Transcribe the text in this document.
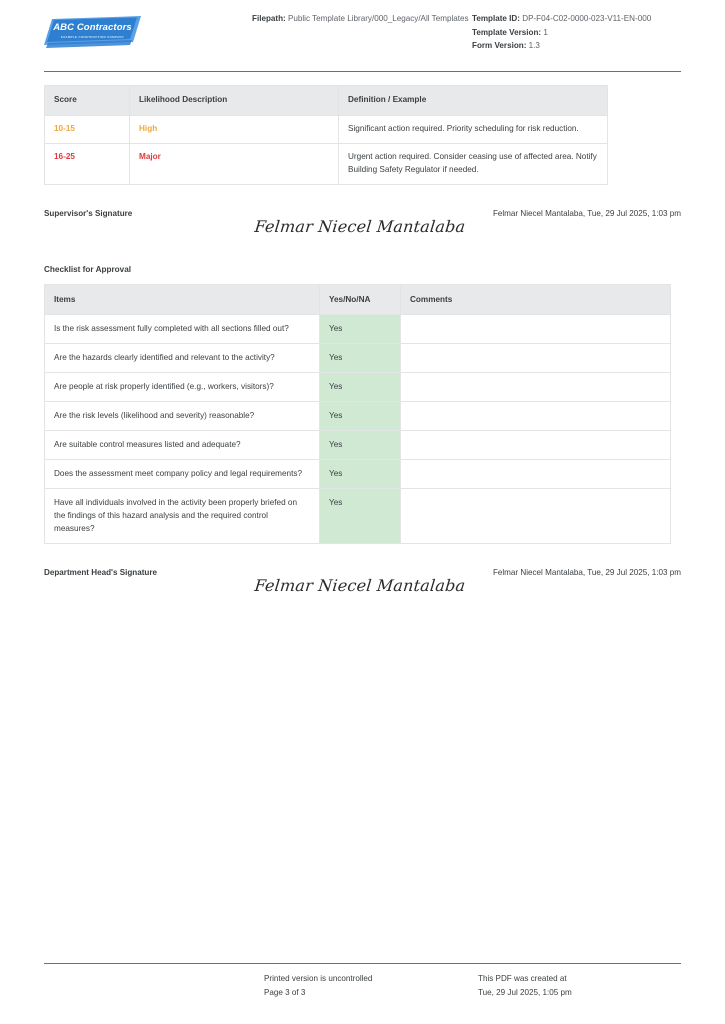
ABC Contractors
EXAMPLE CONSTRUCTION COMPANY
Filepath: Public Template Library/000_Legacy/All Templates Template ID: DP-F04-C02-0000-023-V11-EN-000
Template Version: 1
Form Version: 1.3
Score	Likelihood Description	Definition / Example
10-15	High	Significant action required. Priority scheduling for risk reduction.
16-25	Major	Urgent action required. Consider ceasing use of affected area. Notify Building Safety Regulator if needed.
Supervisor's Signature
Felmar Niecel Mantalaba
Felmar Niecel Mantalaba, Tue, 29 Jul 2025, 1:03 pm
Checklist for Approval
Items	Yes/No/NA	Comments
Is the risk assessment fully completed with all sections filled out?	Yes	
Are the hazards clearly identified and relevant to the activity?	Yes	
Are people at risk properly identified (e.g., workers, visitors)?	Yes	
Are the risk levels (likelihood and severity) reasonable?	Yes	
Are suitable control measures listed and adequate?	Yes	
Does the assessment meet company policy and legal requirements?	Yes	
Have all individuals involved in the activity been properly briefed on the findings of this hazard analysis and the required control measures?	Yes	
Department Head's Signature
Felmar Niecel Mantalaba
Felmar Niecel Mantalaba, Tue, 29 Jul 2025, 1:03 pm
Printed version is uncontrolled
Page 3 of 3
This PDF was created at
Tue, 29 Jul 2025, 1:05 pm
